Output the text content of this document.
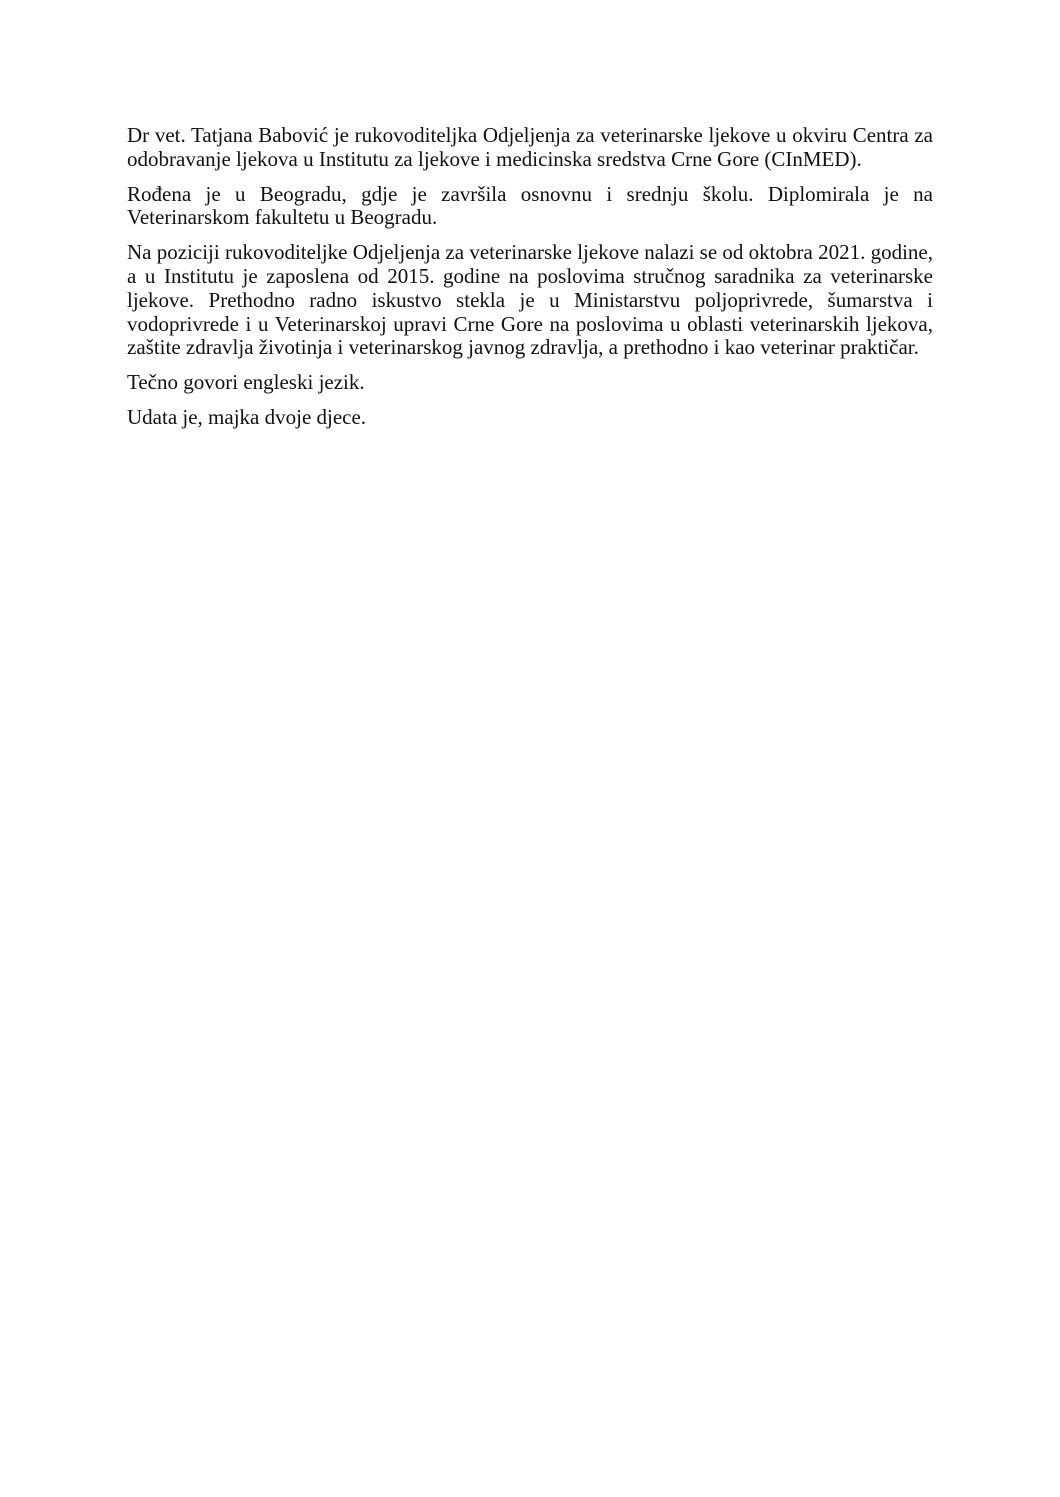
Dr vet. Tatjana Babović je rukovoditeljka Odjeljenja za veterinarske ljekove u okviru Centra za odobravanje ljekova u Institutu za ljekove i medicinska sredstva Crne Gore (CInMED).

Rođena je u Beogradu, gdje je završila osnovnu i srednju školu. Diplomirala je na Veterinarskom fakultetu u Beogradu.

Na poziciji rukovoditeljke Odjeljenja za veterinarske ljekove nalazi se od oktobra 2021. godine, a u Institutu je zaposlena od 2015. godine na poslovima stručnog saradnika za veterinarske ljekove. Prethodno radno iskustvo stekla je u Ministarstvu poljoprivrede, šumarstva i vodoprivrede i u Veterinarskoj upravi Crne Gore na poslovima u oblasti veterinarskih ljekova, zaštite zdravlja životinja i veterinarskog javnog zdravlja, a prethodno i kao veterinar praktičar.

Tečno govori engleski jezik.

Udata je, majka dvoje djece.
